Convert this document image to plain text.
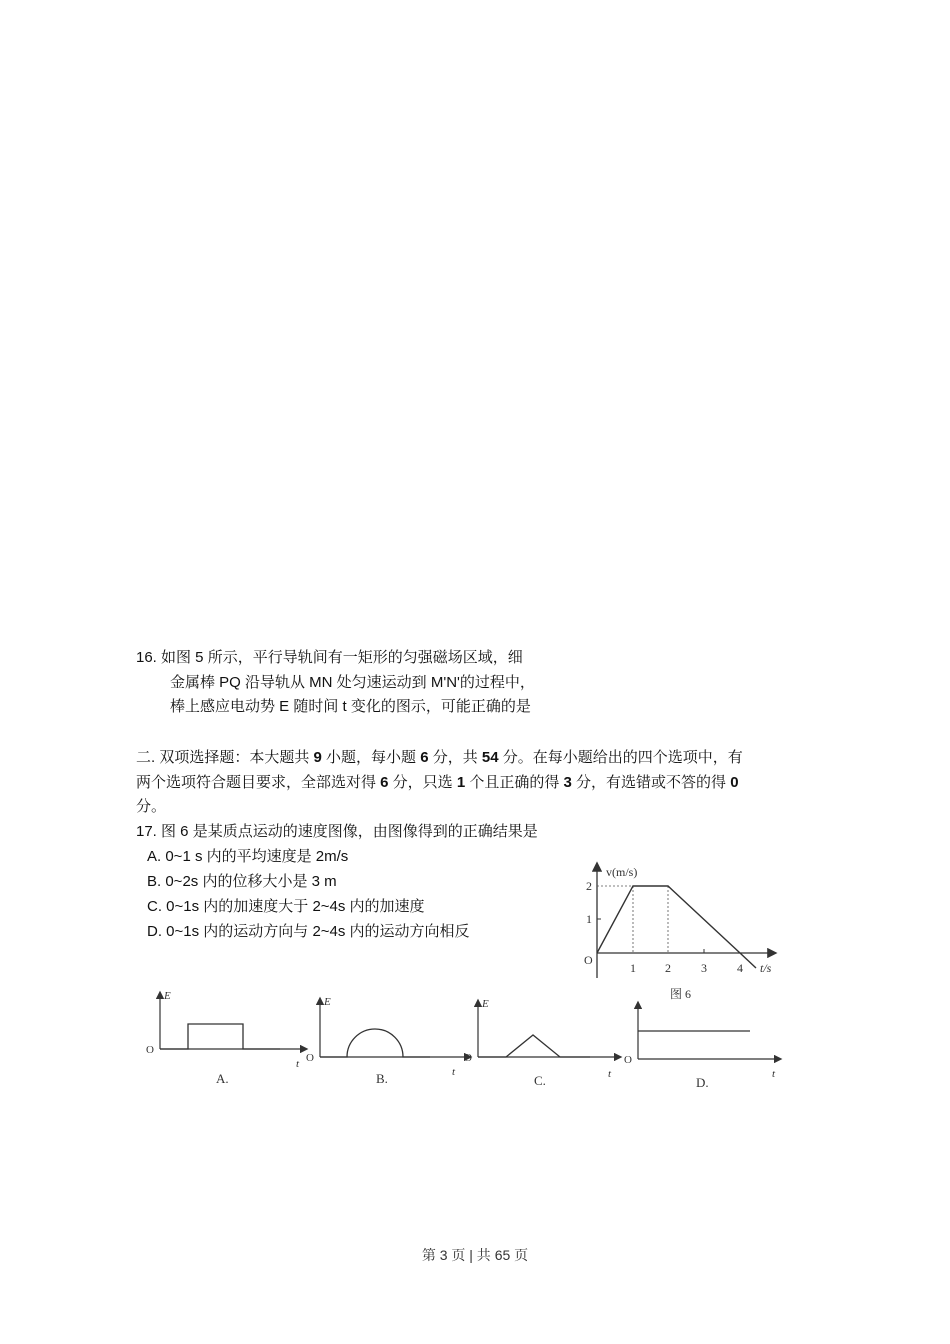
16. 如图 5 所示，平行导轨间有一矩形的匀强磁场区域，细
金属棒 PQ 沿导轨从 MN 处匀速运动到 M'N'的过程中，
棒上感应电动势 E 随时间 t 变化的图示，可能正确的是
二. 双项选择题：本大题共 9 小题，每小题 6 分，共 54 分。在每小题给出的四个选项中，有
两个选项符合题目要求，全部选对得 6 分，只选 1 个且正确的得 3 分，有选错或不答的得 0
分。
17. 图 6 是某质点运动的速度图像，由图像得到的正确结果是
A. 0~1 s 内的平均速度是 2m/s
B. 0~2s 内的位移大小是 3 m
C. 0~1s 内的加速度大于 2~4s 内的加速度
D. 0~1s 内的运动方向与 2~4s 内的运动方向相反
v(m/s)
2
1
O
1 2	3	4 t/s
图 6
E
O
t
A.
E
O
t
B.
E
O
t
C.
O
t
D.
第 3 页 | 共 65 页
